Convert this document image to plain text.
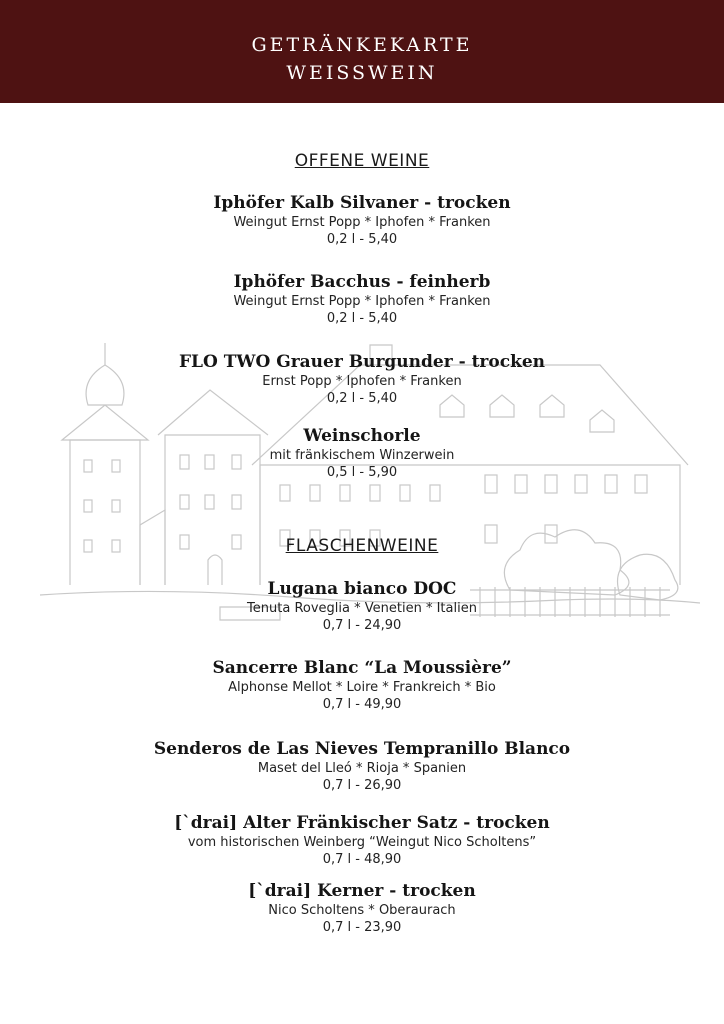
GETRÄNKEKARTE
WEISSWEIN
OFFENE WEINE
Iphöfer Kalb Silvaner - trocken
Weingut Ernst Popp * Iphofen * Franken
0,2 l - 5,40
Iphöfer Bacchus - feinherb
Weingut Ernst Popp * Iphofen * Franken
0,2 l - 5,40
FLO TWO Grauer Burgunder - trocken
Ernst Popp * Iphofen * Franken
0,2 l - 5,40
Weinschorle
mit fränkischem Winzerwein
0,5 l - 5,90
FLASCHENWEINE
Lugana bianco DOC
Tenuta Roveglia * Venetien * Italien
0,7 l - 24,90
Sancerre Blanc “La Moussière”
Alphonse Mellot * Loire * Frankreich * Bio
0,7 l - 49,90
Senderos de Las Nieves Tempranillo Blanco
Maset del Lleó * Rioja * Spanien
0,7 l - 26,90
[`drai] Alter Fränkischer Satz - trocken
vom historischen Weinberg “Weingut Nico Scholtens”
0,7 l - 48,90
[`drai] Kerner - trocken
Nico Scholtens * Oberaurach
0,7 l - 23,90
